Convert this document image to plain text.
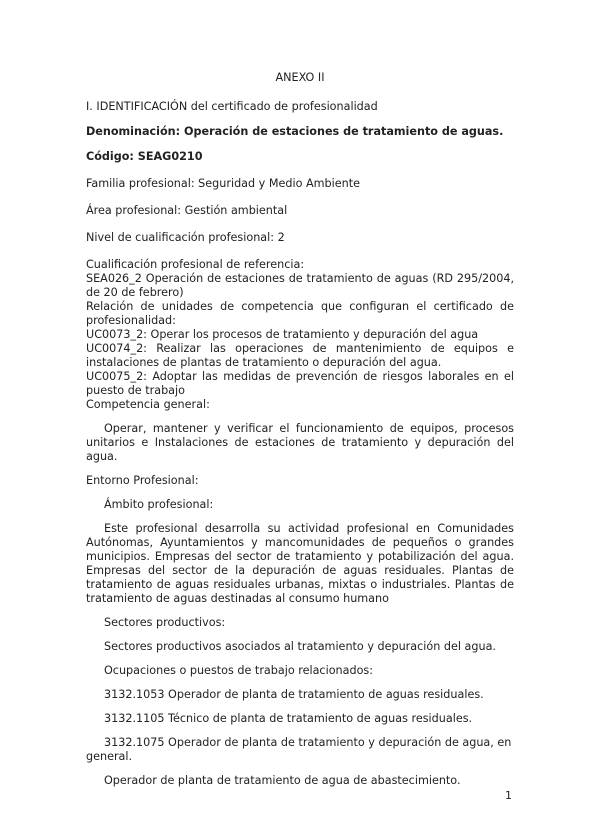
ANEXO II

I. IDENTIFICACIÓN del certificado de profesionalidad

Denominación: Operación de estaciones de tratamiento de aguas.

Código: SEAG0210

Familia profesional: Seguridad y Medio Ambiente

Área profesional: Gestión ambiental

Nivel de cualificación profesional: 2

Cualificación profesional de referencia:

SEA026_2 Operación de estaciones de tratamiento de aguas (RD 295/2004, de 20 de febrero)

Relación de unidades de competencia que configuran el certificado de profesionalidad:

UC0073_2: Operar los procesos de tratamiento y depuración del agua

UC0074_2: Realizar las operaciones de mantenimiento de equipos e instalaciones de plantas de tratamiento o depuración del agua.

UC0075_2: Adoptar las medidas de prevención de riesgos laborales en el puesto de trabajo

Competencia general:

Operar, mantener y verificar el funcionamiento de equipos, procesos unitarios e Instalaciones de estaciones de tratamiento y depuración del agua.

Entorno Profesional:

Ámbito profesional:

Este profesional desarrolla su actividad profesional en Comunidades Autónomas, Ayuntamientos y mancomunidades de pequeños o grandes municipios. Empresas del sector de tratamiento y potabilización del agua. Empresas del sector de la depuración de aguas residuales. Plantas de tratamiento de aguas residuales urbanas, mixtas o industriales. Plantas de tratamiento de aguas destinadas al consumo humano

Sectores productivos:

Sectores productivos asociados al tratamiento y depuración del agua.

Ocupaciones o puestos de trabajo relacionados:

3132.1053 Operador de planta de tratamiento de aguas residuales.

3132.1105 Técnico de planta de tratamiento de aguas residuales.

3132.1075 Operador de planta de tratamiento y depuración de agua, en general.

Operador de planta de tratamiento de agua de abastecimiento.

1
